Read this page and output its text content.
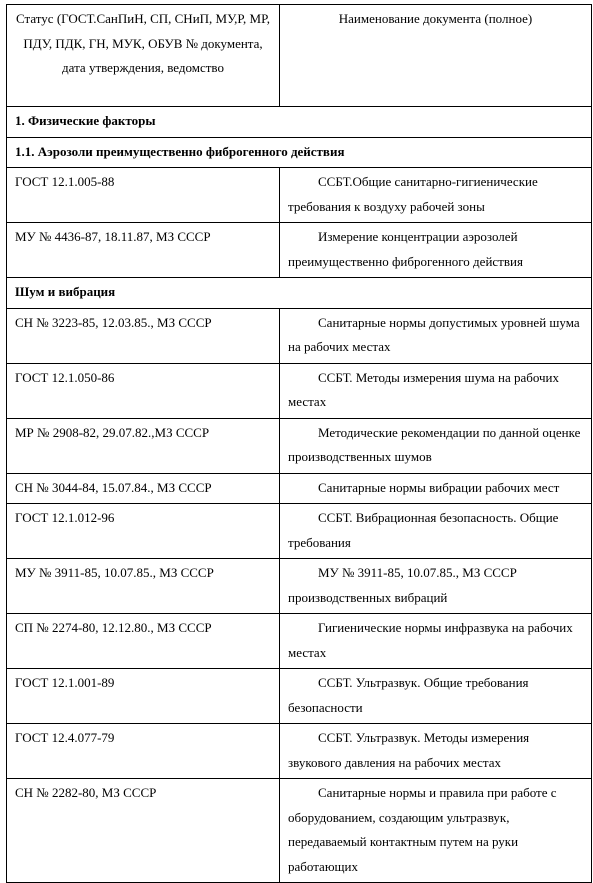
Статус (ГОСТ.СанПиН, СП, СНиП, МУ,Р, МР, ПДУ, ПДК, ГН, МУК, ОБУВ № документа, дата утверждения, ведомство	Наименование документа (полное)
1. Физические факторы	
1.1. Аэрозоли преимущественно фиброгенного действия	
ГОСТ 12.1.005-88	ССБТ.Общие санитарно-гигиенические требования к воздуху рабочей зоны
МУ № 4436-87, 18.11.87, МЗ СССР	Измерение концентрации аэрозолей преимущественно фиброгенного действия
Шум и вибрация	
СН № 3223-85, 12.03.85., МЗ СССР	Санитарные нормы допустимых уровней шума на рабочих местах
ГОСТ 12.1.050-86	ССБТ. Методы измерения шума на рабочих местах
МР № 2908-82, 29.07.82.,МЗ СССР	Методические рекомендации по данной оценке производственных шумов
СН № 3044-84, 15.07.84., МЗ СССР	Санитарные нормы вибрации рабочих мест
ГОСТ 12.1.012-96	ССБТ. Вибрационная безопасность. Общие требования
МУ № 3911-85, 10.07.85., МЗ СССР	МУ № 3911-85, 10.07.85., МЗ СССР производственных вибраций
СП № 2274-80, 12.12.80., МЗ СССР	Гигиенические нормы инфразвука на рабочих местах
ГОСТ 12.1.001-89	ССБТ. Ультразвук. Общие требования безопасности
ГОСТ 12.4.077-79	ССБТ. Ультразвук. Методы измерения звукового давления на рабочих местах
СН № 2282-80, МЗ СССР	Санитарные нормы и правила при работе с оборудованием, создающим ультразвук, передаваемый контактным путем на руки работающих
